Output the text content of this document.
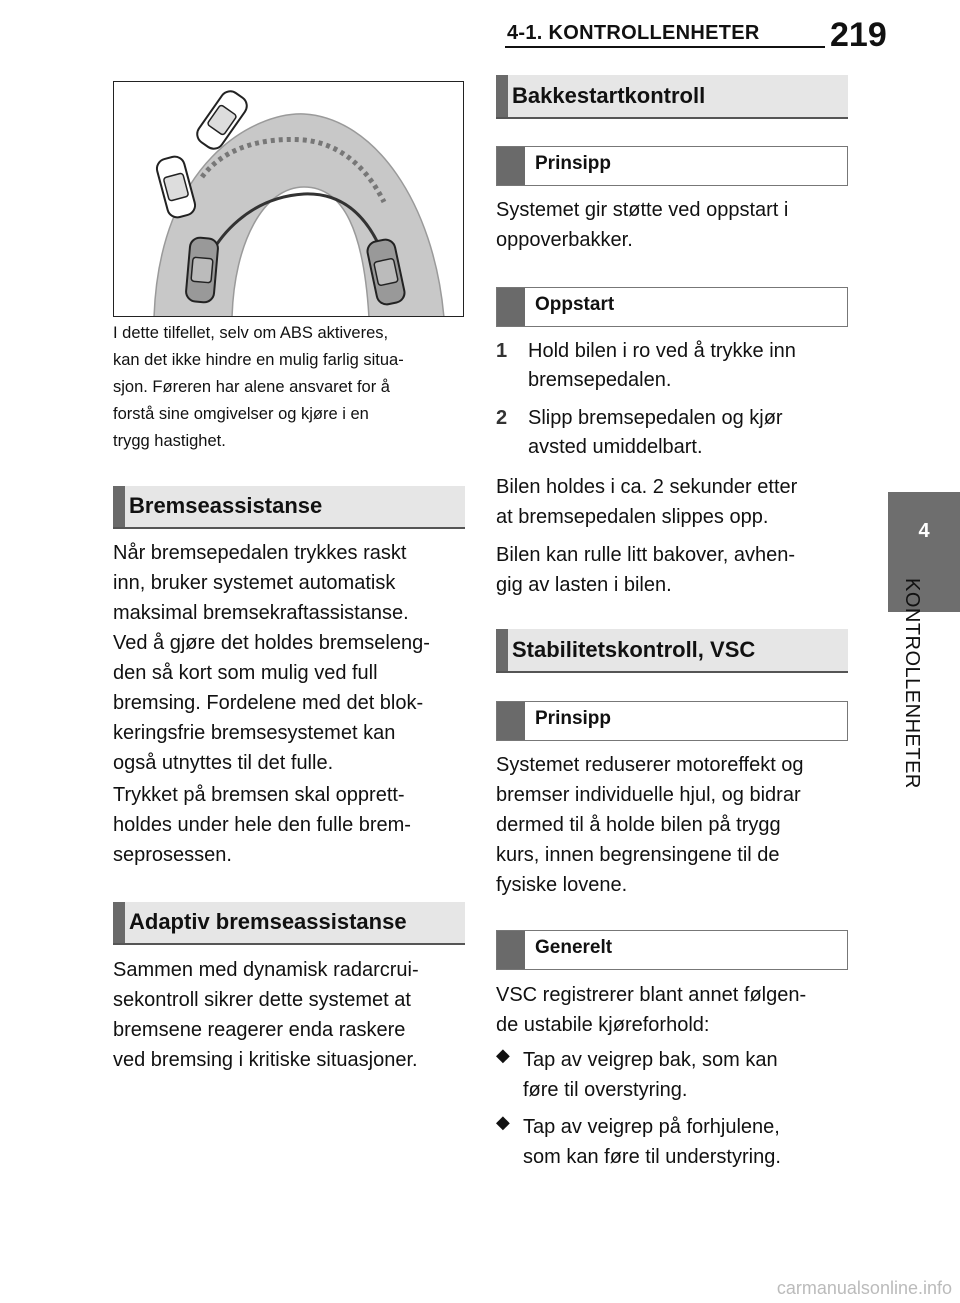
4-1. KONTROLLENHETER 219
4
KONTROLLENHETER
I dette tilfellet, selv om ABS aktiveres,
kan det ikke hindre en mulig farlig situa-
sjon. Føreren har alene ansvaret for å
forstå sine omgivelser og kjøre i en
trygg hastighet.
Bremseassistanse
Når bremsepedalen trykkes raskt
inn, bruker systemet automatisk
maksimal bremsekraftassistanse.
Ved å gjøre det holdes bremseleng-
den så kort som mulig ved full
bremsing. Fordelene med det blok-
keringsfrie bremsesystemet kan
også utnyttes til det fulle.
Trykket på bremsen skal opprett-
holdes under hele den fulle brem-
seprosessen.
Adaptiv bremseassistanse
Sammen med dynamisk radarcrui-
sekontroll sikrer dette systemet at
bremsene reagerer enda raskere
ved bremsing i kritiske situasjoner.
Bakkestartkontroll
Prinsipp
Systemet gir støtte ved oppstart i
oppoverbakker.
Oppstart
1 Hold bilen i ro ved å trykke inn
bremsepedalen.
2 Slipp bremsepedalen og kjør
avsted umiddelbart.
Bilen holdes i ca. 2 sekunder etter
at bremsepedalen slippes opp.
Bilen kan rulle litt bakover, avhen-
gig av lasten i bilen.
Stabilitetskontroll, VSC
Prinsipp
Systemet reduserer motoreffekt og
bremser individuelle hjul, og bidrar
dermed til å holde bilen på trygg
kurs, innen begrensingene til de
fysiske lovene.
Generelt
VSC registrerer blant annet følgen-
de ustabile kjøreforhold:
◆ Tap av veigrep bak, som kan
føre til overstyring.
◆ Tap av veigrep på forhjulene,
som kan føre til understyring.
carmanualsonline.info
